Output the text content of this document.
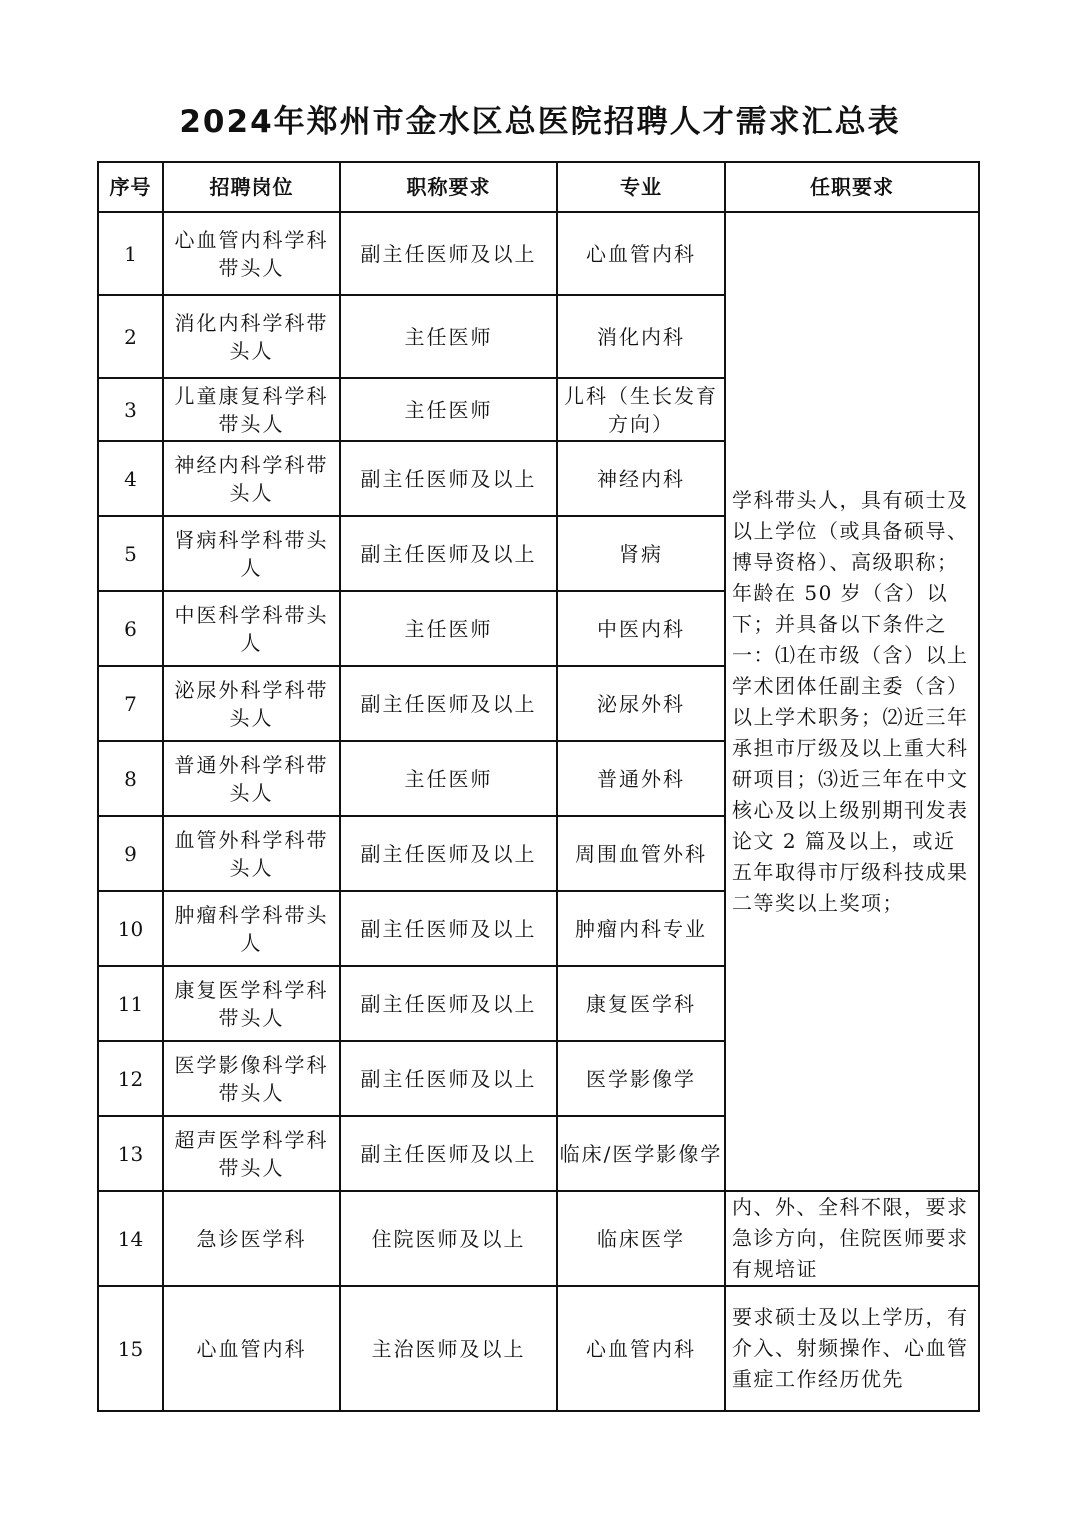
2024年郑州市金水区总医院招聘人才需求汇总表
序号	招聘岗位	职称要求	专业	任职要求
1	心血管内科学科带头人	副主任医师及以上	心血管内科	学科带头人，具有硕士及以上学位（或具备硕导、博导资格）、高级职称；年龄在 50 岁（含）以下；并具备以下条件之一：⑴在市级（含）以上学术团体任副主委（含）以上学术职务；⑵近三年承担市厅级及以上重大科研项目；⑶近三年在中文核心及以上级别期刊发表论文 2 篇及以上，或近五年取得市厅级科技成果二等奖以上奖项；
2	消化内科学科带头人	主任医师	消化内科	
3	儿童康复科学科带头人	主任医师	儿科（生长发育方向）	
4	神经内科学科带头人	副主任医师及以上	神经内科	
5	肾病科学科带头人	副主任医师及以上	肾病	
6	中医科学科带头人	主任医师	中医内科	
7	泌尿外科学科带头人	副主任医师及以上	泌尿外科	
8	普通外科学科带头人	主任医师	普通外科	
9	血管外科学科带头人	副主任医师及以上	周围血管外科	
10	肿瘤科学科带头人	副主任医师及以上	肿瘤内科专业	
11	康复医学科学科带头人	副主任医师及以上	康复医学科	
12	医学影像科学科带头人	副主任医师及以上	医学影像学	
13	超声医学科学科带头人	副主任医师及以上	临床/医学影像学	
14	急诊医学科	住院医师及以上	临床医学	内、外、全科不限，要求急诊方向，住院医师要求有规培证
15	心血管内科	主治医师及以上	心血管内科	要求硕士及以上学历，有介入、射频操作、心血管重症工作经历优先
